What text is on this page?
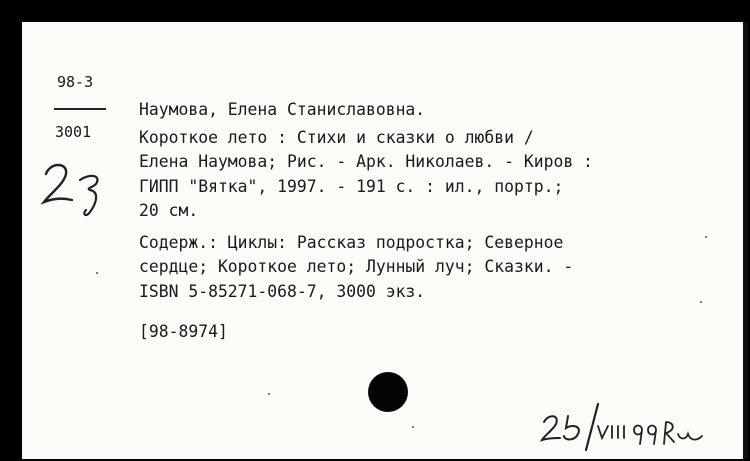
98-3
3001
Наумова, Елена Станиславовна.
Короткое лето : Стихи и сказки о любви /
Елена Наумова; Рис. - Арк. Николаев. - Киров :
ГИПП "Вятка", 1997. - 191 с. : ил., портр.;
20 см.
Содерж.: Циклы: Рассказ подростка; Северное
сердце; Короткое лето; Лунный луч; Сказки. -
ISBN 5-85271-068-7, 3000 экз.
[98-8974]
